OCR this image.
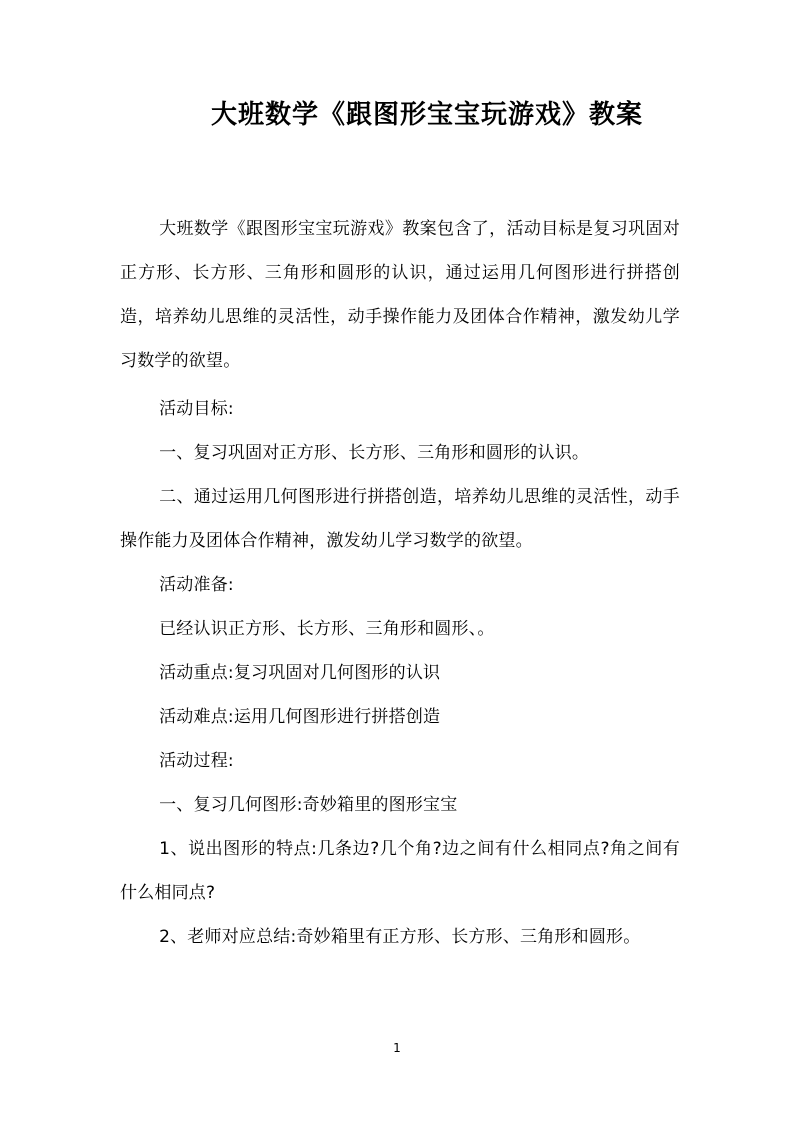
大班数学《跟图形宝宝玩游戏》教案

大班数学《跟图形宝宝玩游戏》教案包含了，活动目标是复习巩固对正方形、长方形、三角形和圆形的认识，通过运用几何图形进行拼搭创造，培养幼儿思维的灵活性，动手操作能力及团体合作精神，激发幼儿学习数学的欲望。

活动目标:

一、复习巩固对正方形、长方形、三角形和圆形的认识。

二、通过运用几何图形进行拼搭创造，培养幼儿思维的灵活性，动手操作能力及团体合作精神，激发幼儿学习数学的欲望。

活动准备:

已经认识正方形、长方形、三角形和圆形、。

活动重点:复习巩固对几何图形的认识

活动难点:运用几何图形进行拼搭创造

活动过程:

一、复习几何图形:奇妙箱里的图形宝宝

1、说出图形的特点:几条边?几个角?边之间有什么相同点?角之间有什么相同点?

2、老师对应总结:奇妙箱里有正方形、长方形、三角形和圆形。

1
